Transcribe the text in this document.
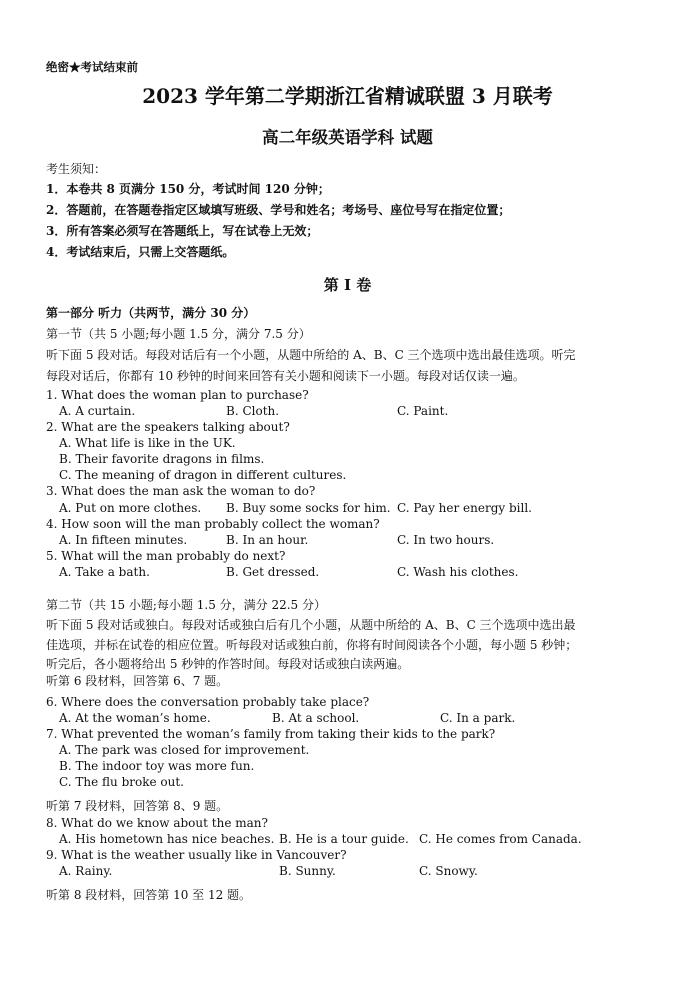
绝密★考试结束前
2023 学年第二学期浙江省精诚联盟 3 月联考
高二年级英语学科 试题
考生须知：
1．本卷共 8 页满分 150 分，考试时间 120 分钟；
2．答题前，在答题卷指定区域填写班级、学号和姓名；考场号、座位号写在指定位置；
3．所有答案必须写在答题纸上，写在试卷上无效；
4．考试结束后，只需上交答题纸。
第 I 卷
第一部分 听力（共两节，满分 30 分）
第一节（共 5 小题;每小题 1.5 分，满分 7.5 分）
听下面 5 段对话。每段对话后有一个小题，从题中所给的 A、B、C 三个选项中选出最佳选项。听完
每段对话后，你都有 10 秒钟的时间来回答有关小题和阅读下一小题。每段对话仅读一遍。
1. What does the woman plan to purchase?
A. A curtain.	B. Cloth.	C. Paint.
2. What are the speakers talking about?
A. What life is like in the UK.
B. Their favorite dragons in films.
C. The meaning of dragon in different cultures.
3. What does the man ask the woman to do?
A. Put on more clothes. B. Buy some socks for him. C. Pay her energy bill.
4. How soon will the man probably collect the woman?
A. In fifteen minutes.	B. In an hour.	C. In two hours.
5. What will the man probably do next?
A. Take a bath.	B. Get dressed.	C. Wash his clothes.
第二节（共 15 小题;每小题 1.5 分，满分 22.5 分）
听下面 5 段对话或独白。每段对话或独白后有几个小题，从题中所给的 A、B、C 三个选项中选出最
佳选项，并标在试卷的相应位置。听每段对话或独白前，你将有时间阅读各个小题，每小题 5 秒钟；
听完后，各小题将给出 5 秒钟的作答时间。每段对话或独白读两遍。
听第 6 段材料，回答第 6、7 题。
6. Where does the conversation probably take place?
A. At the woman’s home.	B. At a school.	C. In a park.
7. What prevented the woman’s family from taking their kids to the park?
A. The park was closed for improvement.
B. The indoor toy was more fun.
C. The flu broke out.
听第 7 段材料，回答第 8、9 题。
8. What do we know about the man?
A. His hometown has nice beaches. B. He is a tour guide. C. He comes from Canada.
9. What is the weather usually like in Vancouver?
A. Rainy.	B. Sunny.	C. Snowy.
听第 8 段材料，回答第 10 至 12 题。
